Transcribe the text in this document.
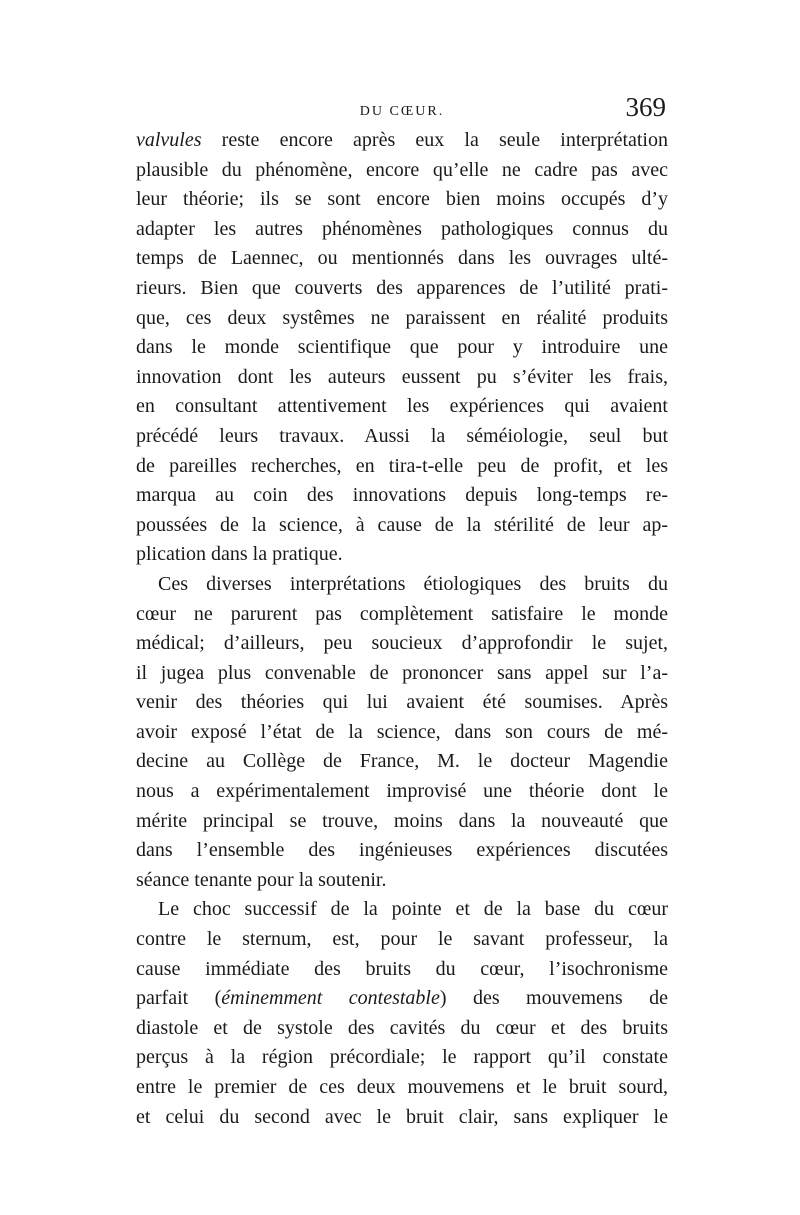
DU CŒUR.	369
valvules reste encore après eux la seule interprétation
plausible du phénomène, encore qu’elle ne cadre pas avec
leur théorie; ils se sont encore bien moins occupés d’y
adapter les autres phénomènes pathologiques connus du
temps de Laennec, ou mentionnés dans les ouvrages ulté-
rieurs. Bien que couverts des apparences de l’utilité prati-
que, ces deux systêmes ne paraissent en réalité produits
dans le monde scientifique que pour y introduire une
innovation dont les auteurs eussent pu s’éviter les frais,
en consultant attentivement les expériences qui avaient
précédé leurs travaux. Aussi la séméiologie, seul but
de pareilles recherches, en tira-t-elle peu de profit, et les
marqua au coin des innovations depuis long-temps re-
poussées de la science, à cause de la stérilité de leur ap-
plication dans la pratique.
Ces diverses interprétations étiologiques des bruits du
cœur ne parurent pas complètement satisfaire le monde
médical; d’ailleurs, peu soucieux d’approfondir le sujet,
il jugea plus convenable de prononcer sans appel sur l’a-
venir des théories qui lui avaient été soumises. Après
avoir exposé l’état de la science, dans son cours de mé-
decine au Collège de France, M. le docteur Magendie
nous a expérimentalement improvisé une théorie dont le
mérite principal se trouve, moins dans la nouveauté que
dans l’ensemble des ingénieuses expériences discutées
séance tenante pour la soutenir.
Le choc successif de la pointe et de la base du cœur
contre le sternum, est, pour le savant professeur, la
cause immédiate des bruits du cœur, l’isochronisme
parfait (éminemment contestable) des mouvemens de
diastole et de systole des cavités du cœur et des bruits
perçus à la région précordiale; le rapport qu’il constate
entre le premier de ces deux mouvemens et le bruit sourd,
et celui du second avec le bruit clair, sans expliquer le
